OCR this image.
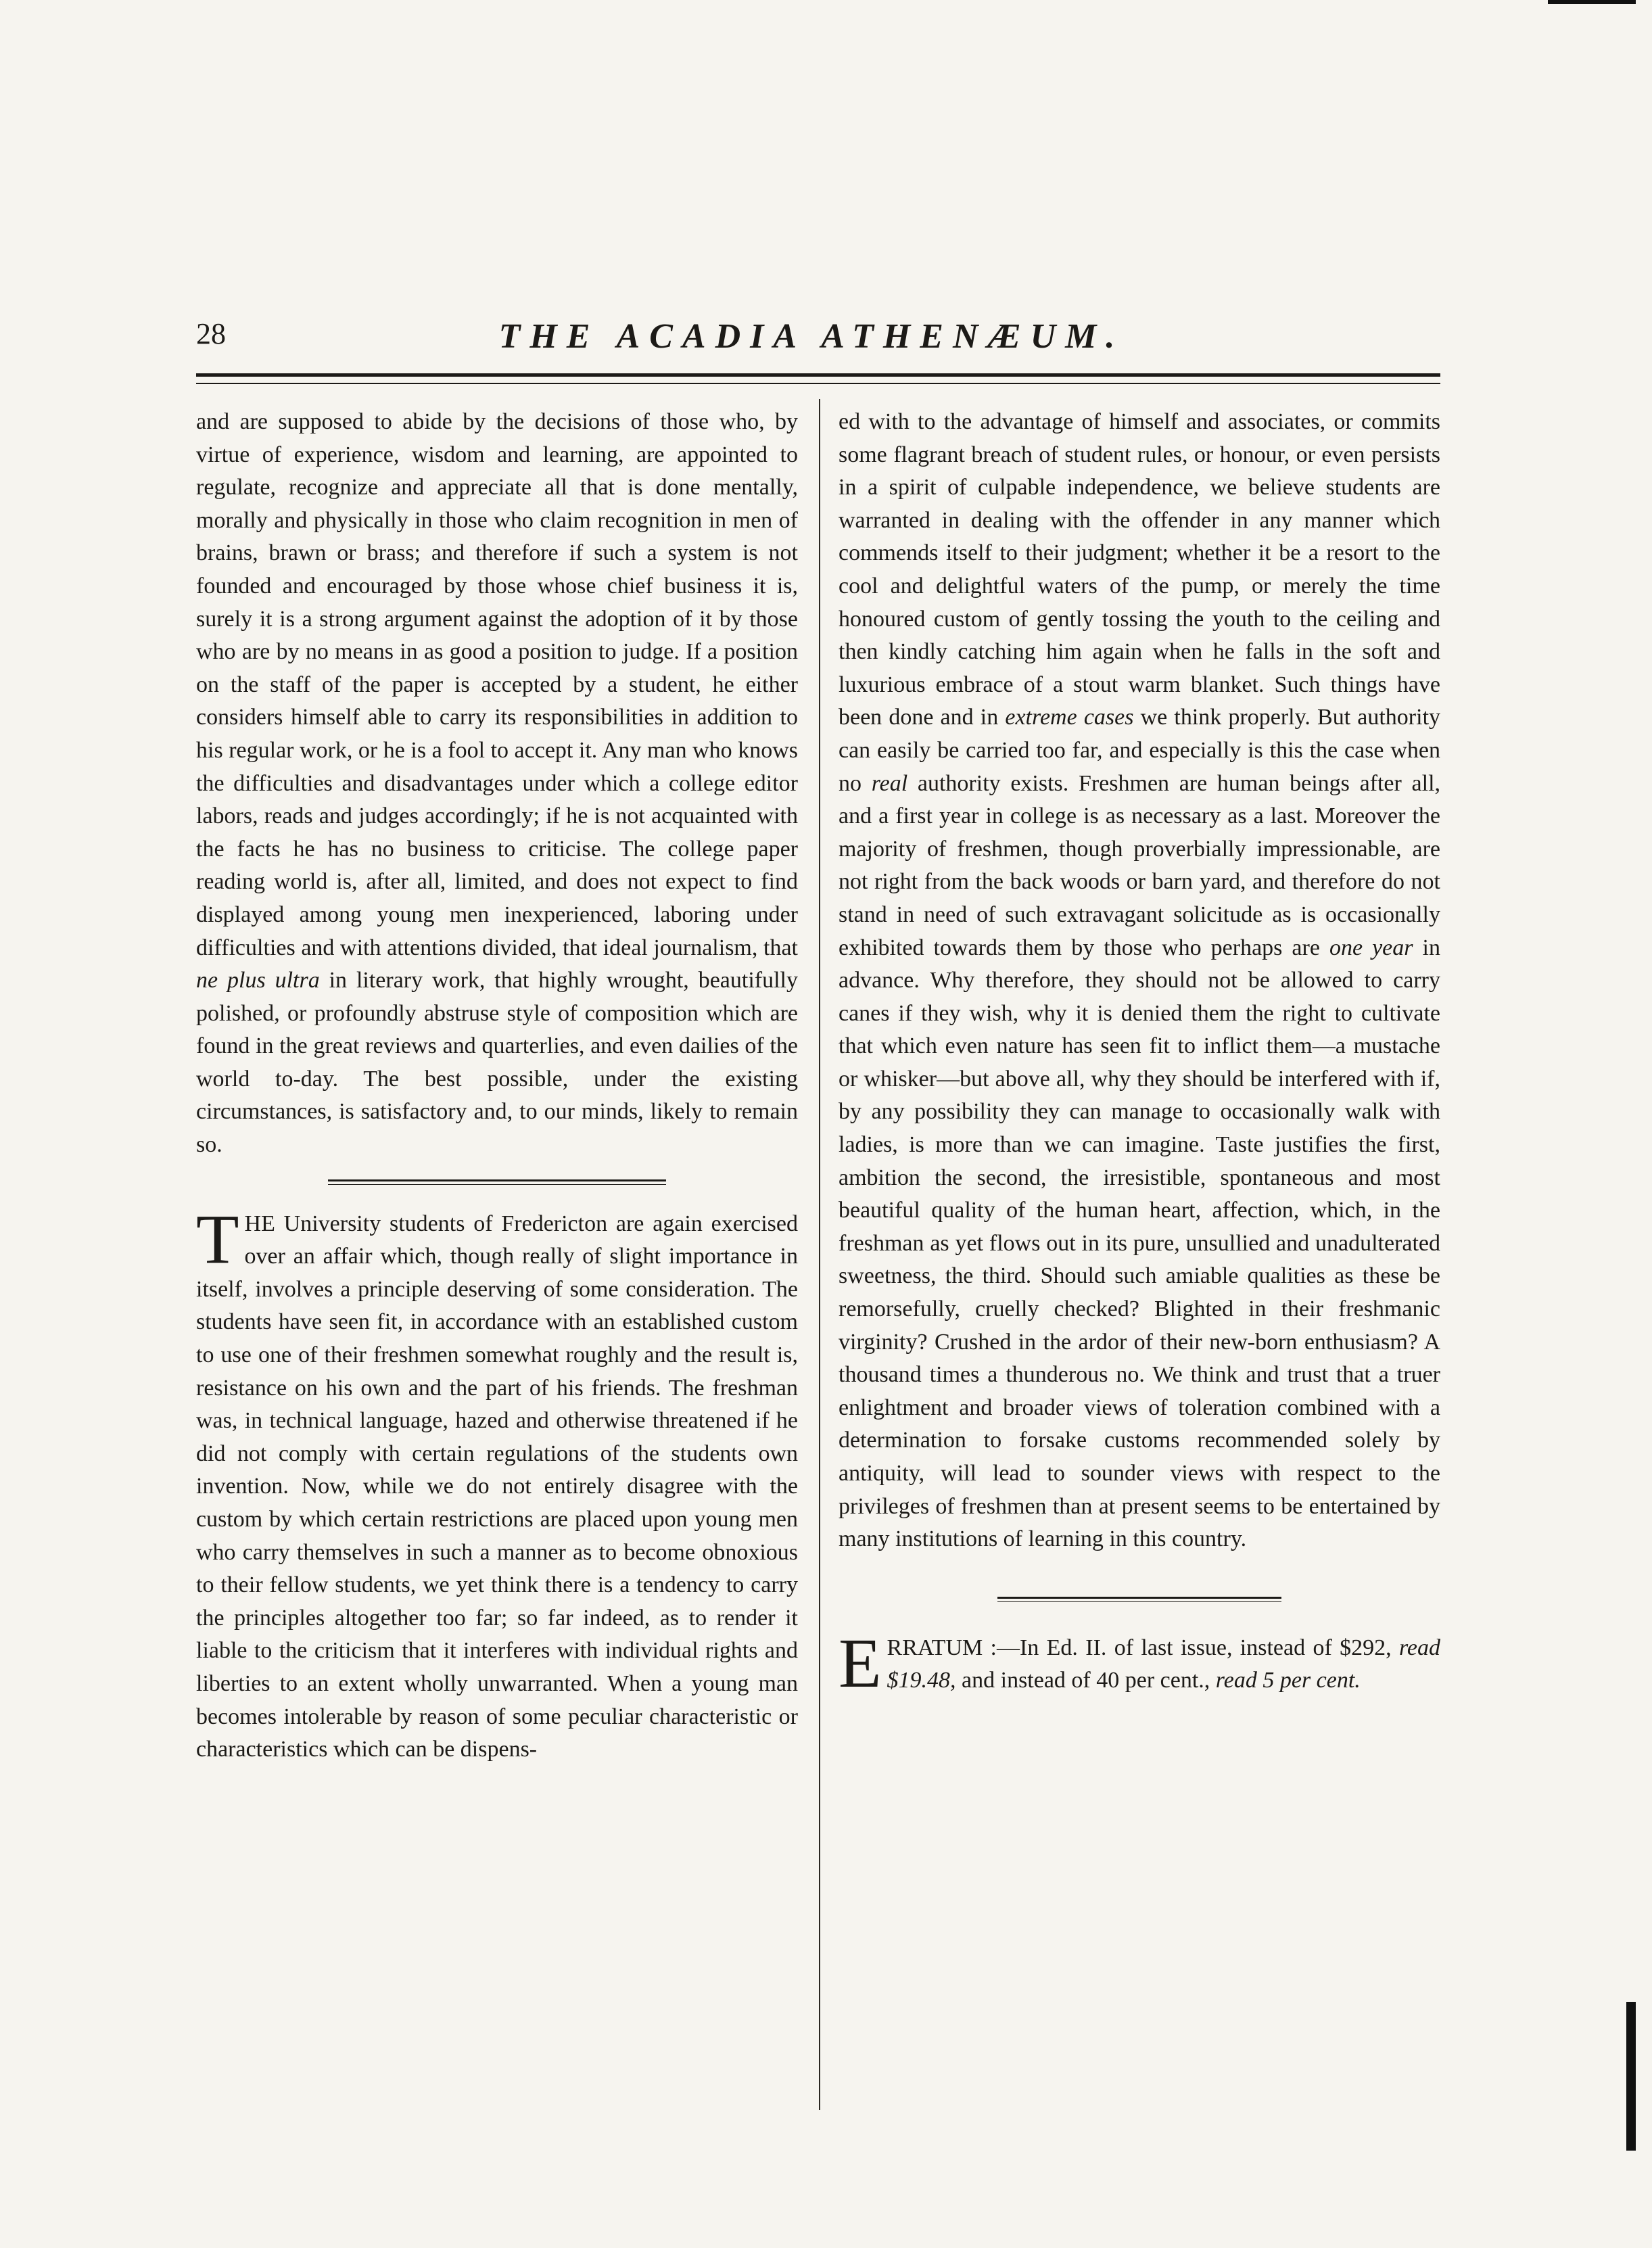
28	THE ACADIA ATHENÆUM.

and are supposed to abide by the decisions of those who, by virtue of experience, wisdom and learning, are appointed to regulate, recognize and appreciate all that is done mentally, morally and physically in those who claim recognition in men of brains, brawn or brass; and therefore if such a system is not founded and encouraged by those whose chief business it is, surely it is a strong argument against the adoption of it by those who are by no means in as good a position to judge. If a position on the staff of the paper is accepted by a student, he either considers himself able to carry its responsibilities in addition to his regular work, or he is a fool to accept it. Any man who knows the difficulties and disadvantages under which a college editor labors, reads and judges accordingly; if he is not acquainted with the facts he has no business to criticise. The college paper reading world is, after all, limited, and does not expect to find displayed among young men inexperienced, laboring under difficulties and with attentions divided, that ideal journalism, that ne plus ultra in literary work, that highly wrought, beautifully polished, or profoundly abstruse style of composition which are found in the great reviews and quarterlies, and even dailies of the world to-day. The best possible, under the existing circumstances, is satisfactory and, to our minds, likely to remain so.

THE University students of Fredericton are again exercised over an affair which, though really of slight importance in itself, involves a principle deserving of some consideration. The students have seen fit, in accordance with an established custom to use one of their freshmen somewhat roughly and the result is, resistance on his own and the part of his friends. The freshman was, in technical language, hazed and otherwise threatened if he did not comply with certain regulations of the students own invention. Now, while we do not entirely disagree with the custom by which certain restrictions are placed upon young men who carry themselves in such a manner as to become obnoxious to their fellow students, we yet think there is a tendency to carry the principles altogether too far; so far indeed, as to render it liable to the criticism that it interferes with individual rights and liberties to an extent wholly unwarranted. When a young man becomes intolerable by reason of some peculiar characteristic or characteristics which can be dispens-

ed with to the advantage of himself and associates, or commits some flagrant breach of student rules, or honour, or even persists in a spirit of culpable independence, we believe students are warranted in dealing with the offender in any manner which commends itself to their judgment; whether it be a resort to the cool and delightful waters of the pump, or merely the time honoured custom of gently tossing the youth to the ceiling and then kindly catching him again when he falls in the soft and luxurious embrace of a stout warm blanket. Such things have been done and in extreme cases we think properly. But authority can easily be carried too far, and especially is this the case when no real authority exists. Freshmen are human beings after all, and a first year in college is as necessary as a last. Moreover the majority of freshmen, though proverbially impressionable, are not right from the back woods or barn yard, and therefore do not stand in need of such extravagant solicitude as is occasionally exhibited towards them by those who perhaps are one year in advance. Why therefore, they should not be allowed to carry canes if they wish, why it is denied them the right to cultivate that which even nature has seen fit to inflict them—a mustache or whisker—but above all, why they should be interfered with if, by any possibility they can manage to occasionally walk with ladies, is more than we can imagine. Taste justifies the first, ambition the second, the irresistible, spontaneous and most beautiful quality of the human heart, affection, which, in the freshman as yet flows out in its pure, unsullied and unadulterated sweetness, the third. Should such amiable qualities as these be remorsefully, cruelly checked? Blighted in their freshmanic virginity? Crushed in the ardor of their new-born enthusiasm? A thousand times a thunderous no. We think and trust that a truer enlightment and broader views of toleration combined with a determination to forsake customs recommended solely by antiquity, will lead to sounder views with respect to the privileges of freshmen than at present seems to be entertained by many institutions of learning in this country.

ERRATUM :—In Ed. II. of last issue, instead of $292, read $19.48, and instead of 40 per cent., read 5 per cent.
